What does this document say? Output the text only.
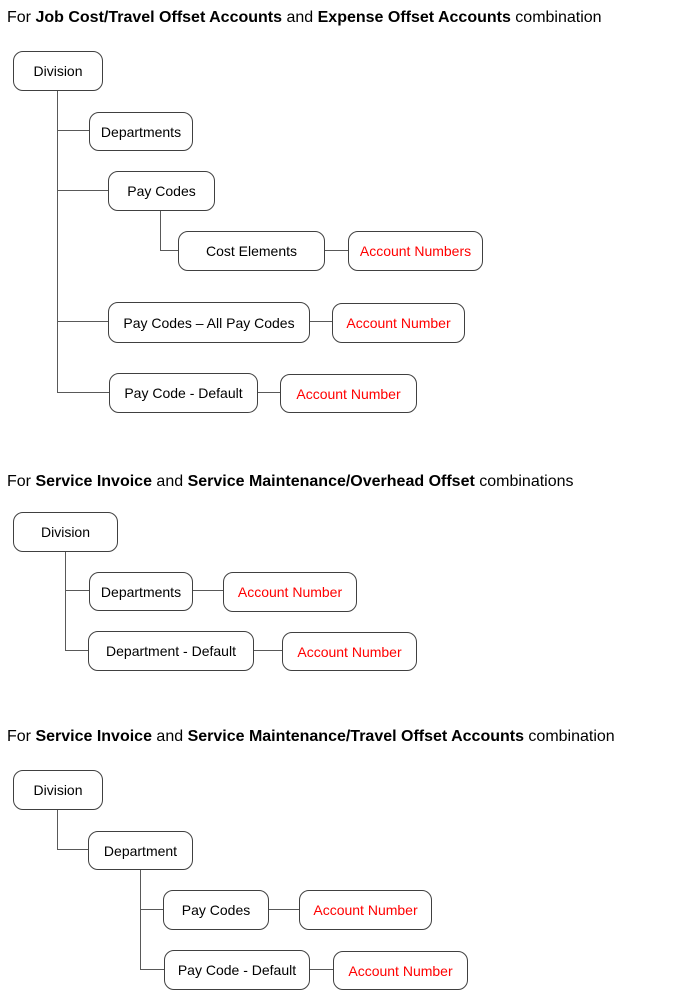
For Job Cost/Travel Offset Accounts and Expense Offset Accounts combination
Division
Departments
Pay Codes
Cost Elements	Account Numbers
Pay Codes – All Pay Codes	Account Number
Pay Code - Default	Account Number
For Service Invoice and Service Maintenance/Overhead Offset combinations
Division
Departments	Account Number
Department - Default	Account Number
For Service Invoice and Service Maintenance/Travel Offset Accounts combination
Division
Department
Pay Codes	Account Number
Pay Code - Default	Account Number
